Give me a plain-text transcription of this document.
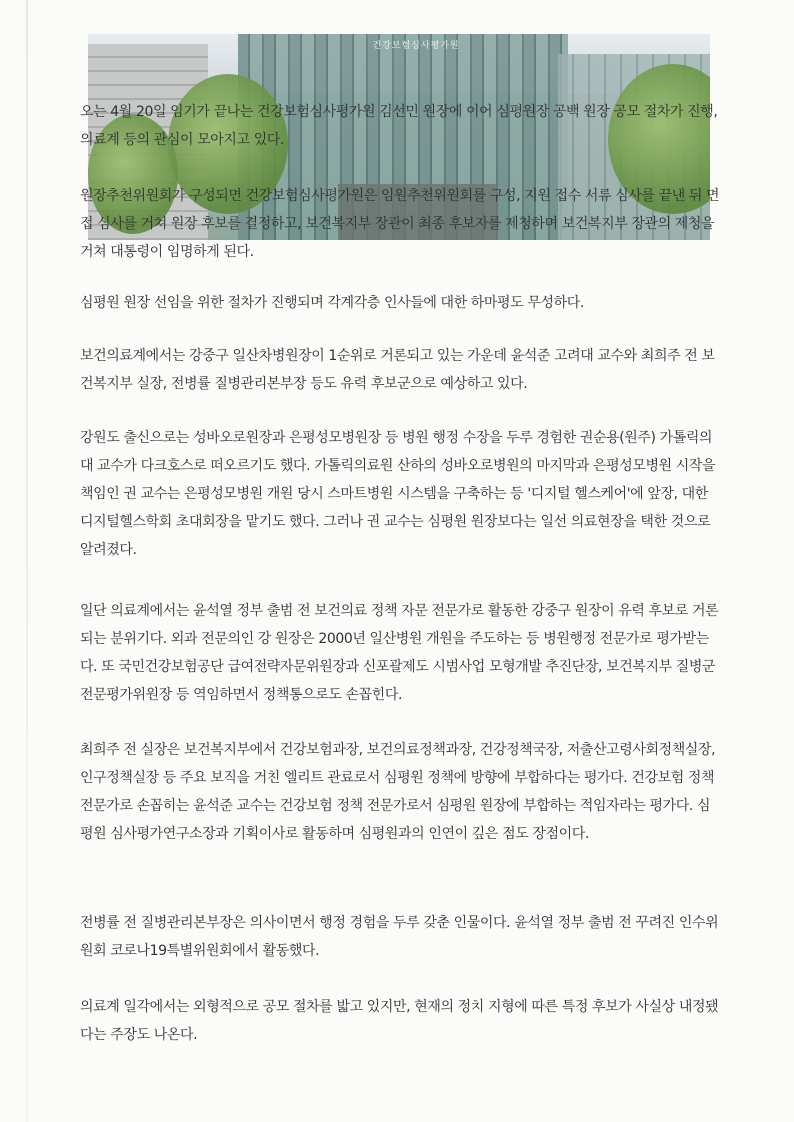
건강보험심사평가원

오는 4월 20일 임기가 끝나는 건강보험심사평가원 김선민 원장에 이어 심평원장 공백 원장 공모 절차가 진행, 의료계 등의 관심이 모아지고 있다.

원장추천위원회가 구성되면 건강보험심사평가원은 임원추천위원회를 구성, 지원 접수 서류 심사를 끝낸 뒤 면접 심사를 거쳐 원장 후보를 결정하고, 보건복지부 장관이 최종 후보자를 제청하며 보건복지부 장관의 제청을 거쳐 대통령이 임명하게 된다.

심평원 원장 선임을 위한 절차가 진행되며 각계각층 인사들에 대한 하마평도 무성하다.

보건의료계에서는 강중구 일산차병원장이 1순위로 거론되고 있는 가운데 윤석준 고려대 교수와 최희주 전 보건복지부 실장, 전병률 질병관리본부장 등도 유력 후보군으로 예상하고 있다.

강원도 출신으로는 성바오로원장과 은평성모병원장 등 병원 행정 수장을 두루 경험한 권순용(원주) 가톨릭의대 교수가 다크호스로 떠오르기도 했다. 가톨릭의료원 산하의 성바오로병원의 마지막과 은평성모병원 시작을 책임인 권 교수는 은평성모병원 개원 당시 스마트병원 시스템을 구축하는 등 '디지털 헬스케어'에 앞장, 대한디지털헬스학회 초대회장을 맡기도 했다. 그러나 권 교수는 심평원 원장보다는 일선 의료현장을 택한 것으로 알려졌다.

일단 의료계에서는 윤석열 정부 출범 전 보건의료 정책 자문 전문가로 활동한 강중구 원장이 유력 후보로 거론되는 분위기다. 외과 전문의인 강 원장은 2000년 일산병원 개원을 주도하는 등 병원행정 전문가로 평가받는다. 또 국민건강보험공단 급여전략자문위원장과 신포괄제도 시범사업 모형개발 추진단장, 보건복지부 질병군 전문평가위원장 등 역임하면서 정책통으로도 손꼽힌다.

최희주 전 실장은 보건복지부에서 건강보험과장, 보건의료정책과장, 건강정책국장, 저출산고령사회정책실장, 인구정책실장 등 주요 보직을 거친 엘리트 관료로서 심평원 정책에 방향에 부합하다는 평가다. 건강보험 정책 전문가로 손꼽히는 윤석준 교수는 건강보험 정책 전문가로서 심평원 원장에 부합하는 적임자라는 평가다. 심평원 심사평가연구소장과 기획이사로 활동하며 심평원과의 인연이 깊은 점도 장점이다.

전병률 전 질병관리본부장은 의사이면서 행정 경험을 두루 갖춘 인물이다. 윤석열 정부 출범 전 꾸려진 인수위원회 코로나19특별위원회에서 활동했다.

의료계 일각에서는 외형적으로 공모 절차를 밟고 있지만, 현재의 정치 지형에 따른 특정 후보가 사실상 내정됐다는 주장도 나온다.
